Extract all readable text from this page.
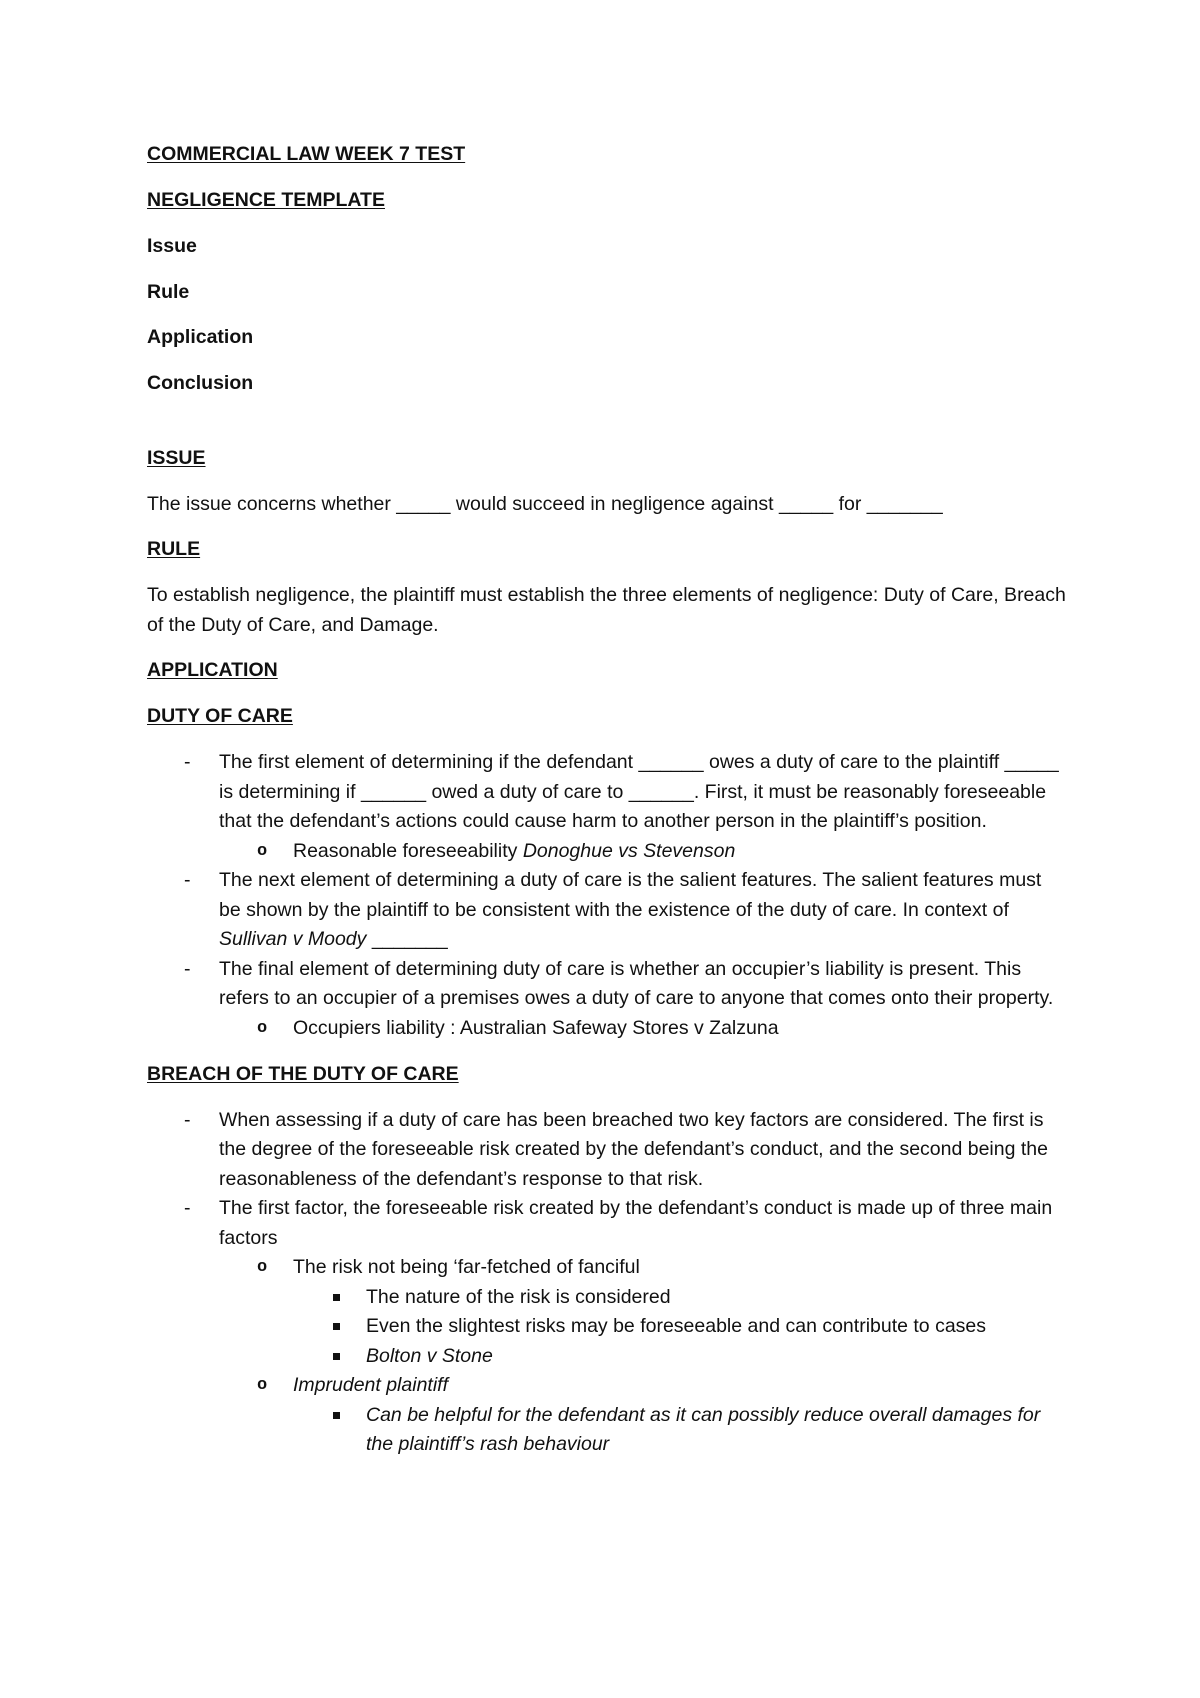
COMMERCIAL LAW WEEK 7 TEST

NEGLIGENCE TEMPLATE

Issue

Rule

Application

Conclusion

ISSUE

The issue concerns whether _____ would succeed in negligence against _____ for _______

RULE

To establish negligence, the plaintiff must establish the three elements of negligence: Duty of Care, Breach of the Duty of Care, and Damage.

APPLICATION

DUTY OF CARE

- The first element of determining if the defendant ______ owes a duty of care to the plaintiff _____ is determining if ______ owed a duty of care to ______. First, it must be reasonably foreseeable that the defendant’s actions could cause harm to another person in the plaintiff’s position.
o Reasonable foreseeability Donoghue vs Stevenson
- The next element of determining a duty of care is the salient features. The salient features must be shown by the plaintiff to be consistent with the existence of the duty of care. In context of Sullivan v Moody _______
- The final element of determining duty of care is whether an occupier’s liability is present. This refers to an occupier of a premises owes a duty of care to anyone that comes onto their property.
o Occupiers liability : Australian Safeway Stores v Zalzuna

BREACH OF THE DUTY OF CARE

- When assessing if a duty of care has been breached two key factors are considered. The first is the degree of the foreseeable risk created by the defendant’s conduct, and the second being the reasonableness of the defendant’s response to that risk.
- The first factor, the foreseeable risk created by the defendant’s conduct is made up of three main factors
o The risk not being ‘far-fetched of fanciful
The nature of the risk is considered
Even the slightest risks may be foreseeable and can contribute to cases
Bolton v Stone
o Imprudent plaintiff
Can be helpful for the defendant as it can possibly reduce overall damages for the plaintiff’s rash behaviour
